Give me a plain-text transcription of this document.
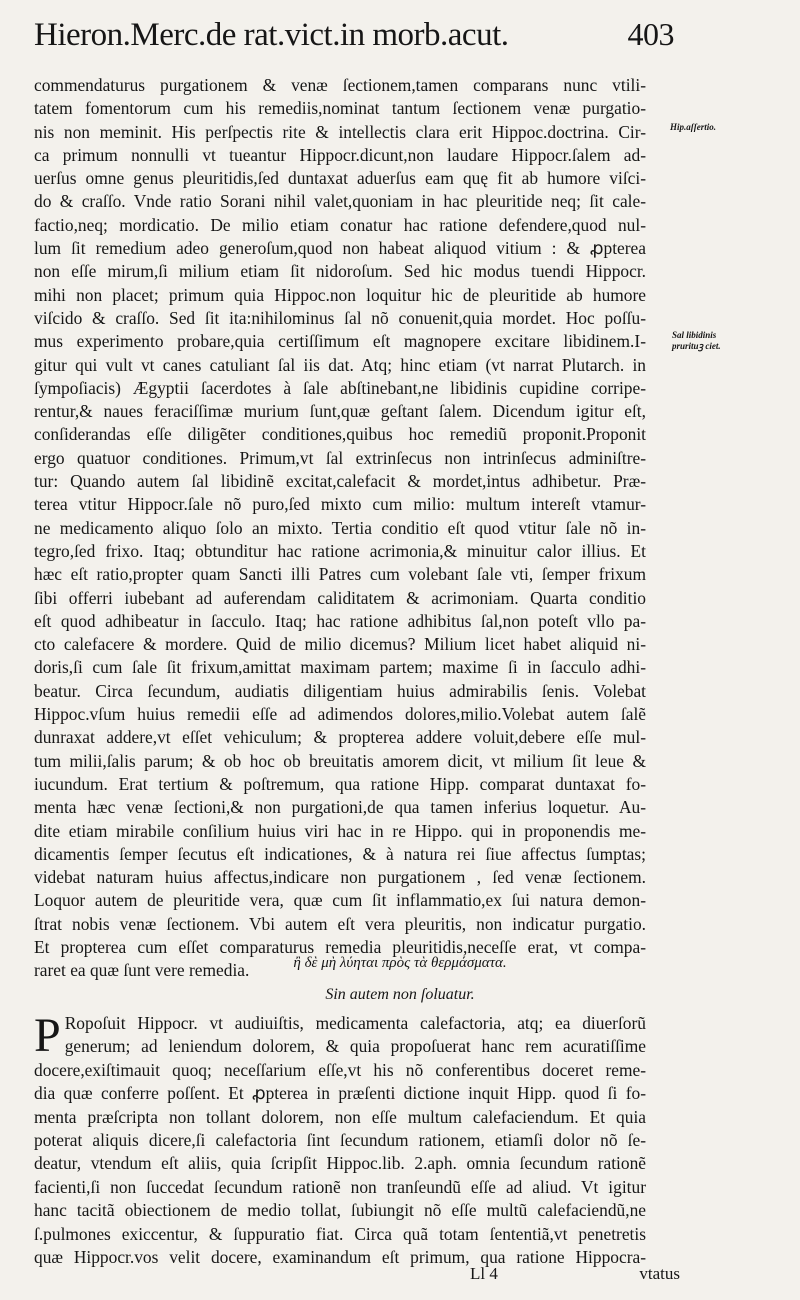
Hieron.Merc.de rat.vict.in morb.acut.	403
commendaturus purgationem & venæ ſectionem,tamen comparans nunc vtili-
tatem fomentorum cum his remediis,nominat tantum ſectionem venæ purgatio-
nis non meminit. His perſpectis rite & intellectis clara erit Hippoc.doctrina. Cir-
ca primum nonnulli vt tueantur Hippocr.dicunt,non laudare Hippocr.ſalem ad-
uerſus omne genus pleuritidis,ſed duntaxat aduerſus eam quę fit ab humore viſci-
do & craſſo. Vnde ratio Sorani nihil valet,quoniam in hac pleuritide neq; ſit cale-
factio,neq; mordicatio. De milio etiam conatur hac ratione defendere,quod nul-
lum ſit remedium adeo generoſum,quod non habeat aliquod vitium : & ꝓpterea
non eſſe mirum,ſi milium etiam ſit nidoroſum. Sed hic modus tuendi Hippocr.
mihi non placet; primum quia Hippoc.non loquitur hic de pleuritide ab humore
viſcido & craſſo. Sed ſit ita:nihilominus ſal nõ conuenit,quia mordet. Hoc poſſu-
mus experimento probare,quia certiſſimum eſt magnopere excitare libidinem.I-
gitur qui vult vt canes catuliant ſal iis dat. Atq; hinc etiam (vt narrat Plutarch. in
ſympoſiacis) Ægyptii ſacerdotes à ſale abſtinebant,ne libidinis cupidine corripe-
rentur,& naues feraciſſimæ murium ſunt,quæ geſtant ſalem. Dicendum igitur eſt,
conſiderandas eſſe diligẽter conditiones,quibus hoc remediũ proponit.Proponit
ergo quatuor conditiones. Primum,vt ſal extrinſecus non intrinſecus adminiſtre-
tur: Quando autem ſal libidinẽ excitat,calefacit & mordet,intus adhibetur. Præ-
terea vtitur Hippocr.ſale nõ puro,ſed mixto cum milio: multum intereſt vtamur-
ne medicamento aliquo ſolo an mixto. Tertia conditio eſt quod vtitur ſale nõ in-
tegro,ſed frixo. Itaq; obtunditur hac ratione acrimonia,& minuitur calor illius. Et
hæc eſt ratio,propter quam Sancti illi Patres cum volebant ſale vti, ſemper frixum
ſibi offerri iubebant ad auferendam caliditatem & acrimoniam. Quarta conditio
eſt quod adhibeatur in ſacculo. Itaq; hac ratione adhibitus ſal,non poteſt vllo pa-
cto calefacere & mordere. Quid de milio dicemus? Milium licet habet aliquid ni-
doris,ſi cum ſale ſit frixum,amittat maximam partem; maxime ſi in ſacculo adhi-
beatur. Circa ſecundum, audiatis diligentiam huius admirabilis ſenis. Volebat
Hippoc.vſum huius remedii eſſe ad adimendos dolores,milio.Volebat autem ſalẽ
dunraxat addere,vt eſſet vehiculum; & propterea addere voluit,debere eſſe mul-
tum milii,ſalis parum; & ob hoc ob breuitatis amorem dicit, vt milium ſit leue &
iucundum. Erat tertium & poſtremum, qua ratione Hipp. comparat duntaxat fo-
menta hæc venæ ſectioni,& non purgationi,de qua tamen inferius loquetur. Au-
dite etiam mirabile conſilium huius viri hac in re Hippo. qui in proponendis me-
dicamentis ſemper ſecutus eſt indicationes, & à natura rei ſiue affectus ſumptas;
videbat naturam huius affectus,indicare non purgationem , ſed venæ ſectionem.
Loquor autem de pleuritide vera, quæ cum ſit inflammatio,ex ſui natura demon-
ſtrat nobis venæ ſectionem. Vbi autem eſt vera pleuritis, non indicatur purgatio.
Et propterea cum eſſet comparaturus remedia pleuritidis,neceſſe erat, vt compa-
raret ea quæ ſunt vere remedia.
Hip.aſſertio.
Sal libidinis
prurituꝫ ciet.
ἢ δὲ μὴ λύηται πρὸς τὰ θερμάσματα.
Sin autem non ſoluatur.
P Ropoſuit Hippocr. vt audiuiſtis, medicamenta calefactoria, atq; ea diuerſorũ
generum; ad leniendum dolorem, & quia propoſuerat hanc rem acuratiſſime
docere,exiſtimauit quoq; neceſſarium eſſe,vt his nõ conferentibus doceret reme-
dia quæ conferre poſſent. Et ꝓpterea in præſenti dictione inquit Hipp. quod ſi fo-
menta præſcripta non tollant dolorem, non eſſe multum calefaciendum. Et quia
poterat aliquis dicere,ſi calefactoria ſint ſecundum rationem, etiamſi dolor nõ ſe-
deatur, vtendum eſt aliis, quia ſcripſit Hippoc.lib. 2.aph. omnia ſecundum rationẽ
facienti,ſi non ſuccedat ſecundum rationẽ non tranſeundũ eſſe ad aliud. Vt igitur
hanc tacitã obiectionem de medio tollat, ſubiungit nõ eſſe multũ calefaciendũ,ne
ſ.pulmones exiccentur, & ſuppuratio fiat. Circa quã totam ſententiã,vt penetretis
quæ Hippocr.vos velit docere, examinandum eſt primum, qua ratione Hippocra-
Ll 4	vtatus
